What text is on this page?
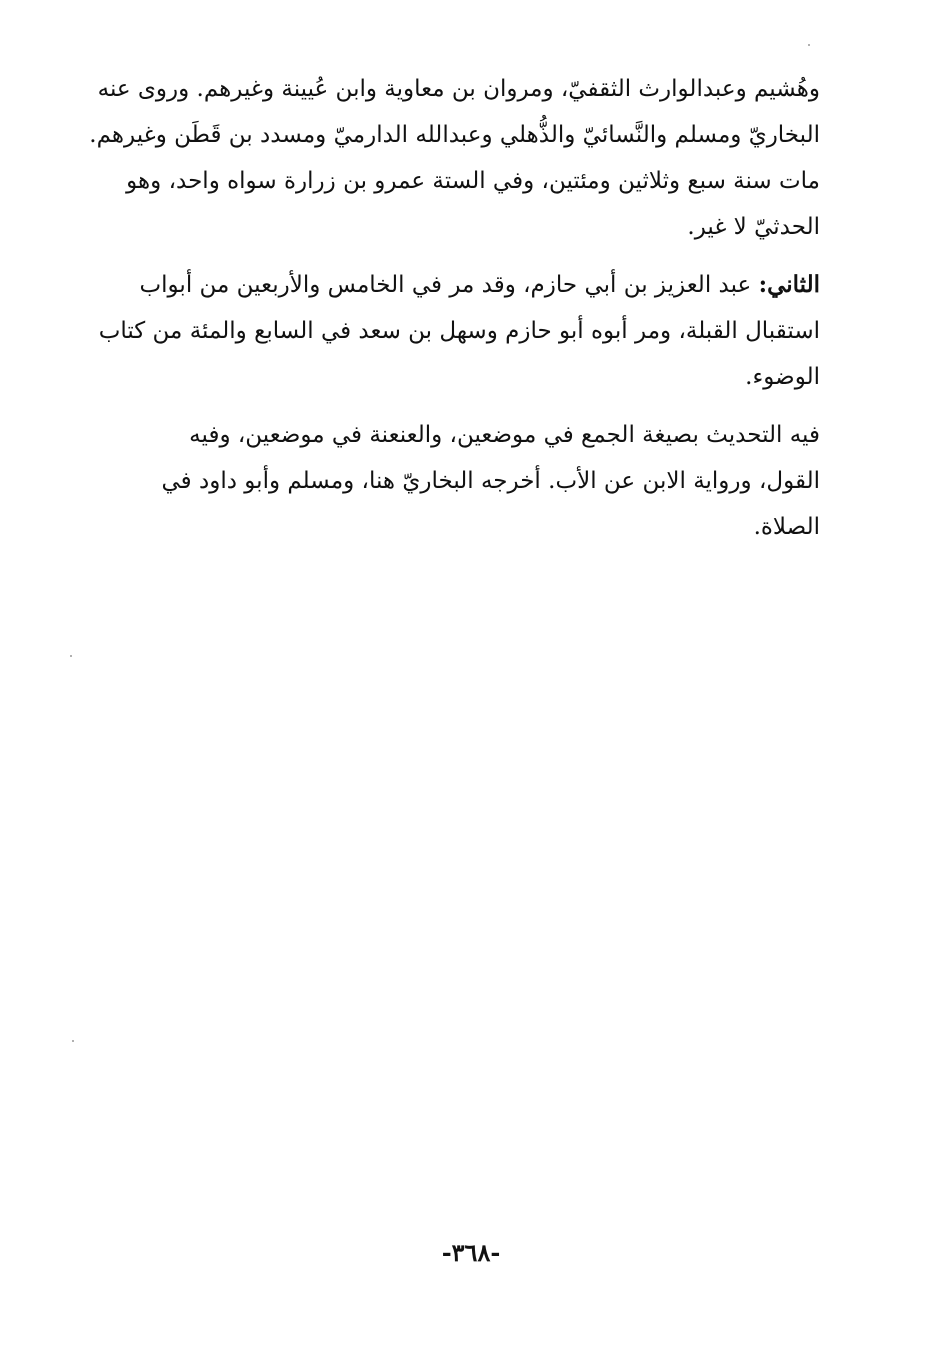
وهُشيم وعبدالوارث الثقفيّ، ومروان بن معاوية وابن عُيينة وغيرهم. وروى عنه
البخاريّ ومسلم والنَّسائيّ والذُّهلي وعبدالله الدارميّ ومسدد بن قَطَن وغيرهم.
مات سنة سبع وثلاثين ومئتين، وفي الستة عمرو بن زرارة سواه واحد، وهو
الحدثيّ لا غير.
الثاني: عبد العزيز بن أبي حازم، وقد مر في الخامس والأربعين من أبواب
استقبال القبلة، ومر أبوه أبو حازم وسهل بن سعد في السابع والمئة من كتاب
الوضوء.
فيه التحديث بصيغة الجمع في موضعين، والعنعنة في موضعين، وفيه
القول، ورواية الابن عن الأب. أخرجه البخاريّ هنا، ومسلم وأبو داود في
الصلاة.
-٣٦٨-
